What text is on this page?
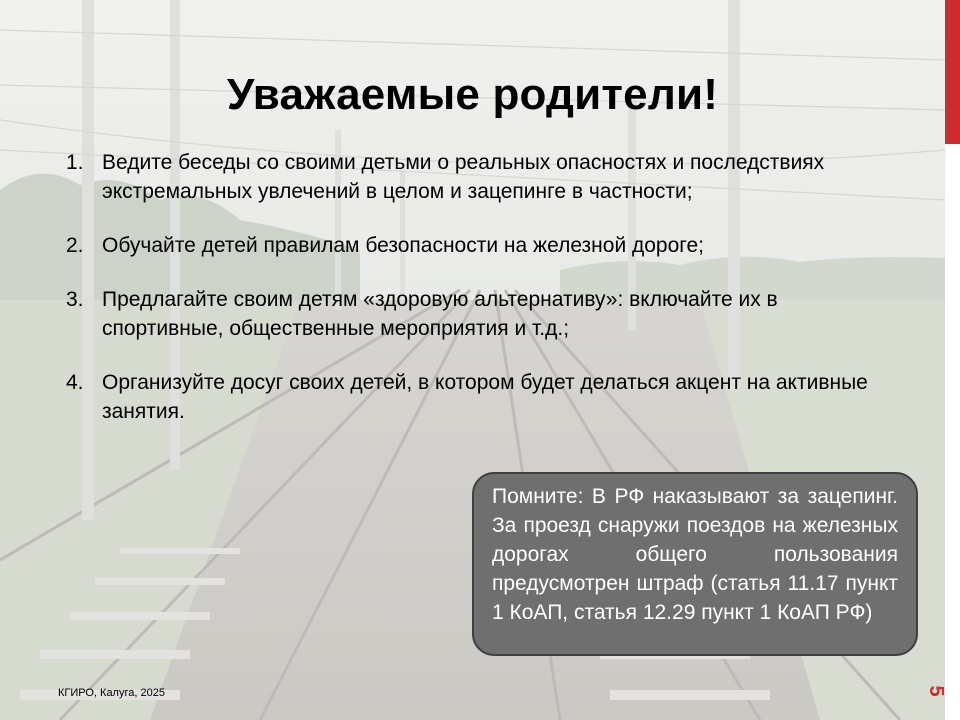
Уважаемые родители!
1. Ведите беседы со своими детьми о реальных опасностях и последствиях экстремальных увлечений в целом и зацепинге в частности;
2. Обучайте детей правилам безопасности на железной дороге;
3. Предлагайте своим детям «здоровую альтернативу»: включайте их в спортивные, общественные мероприятия и т.д.;
4. Организуйте досуг своих детей, в котором будет делаться акцент на активные занятия.
Помните: В РФ наказывают за зацепинг. За проезд снаружи поездов на железных дорогах общего пользования предусмотрен штраф (статья 11.17 пункт 1 КоАП, статья 12.29 пункт 1 КоАП РФ)
КГИРО, Калуга, 2025	5
